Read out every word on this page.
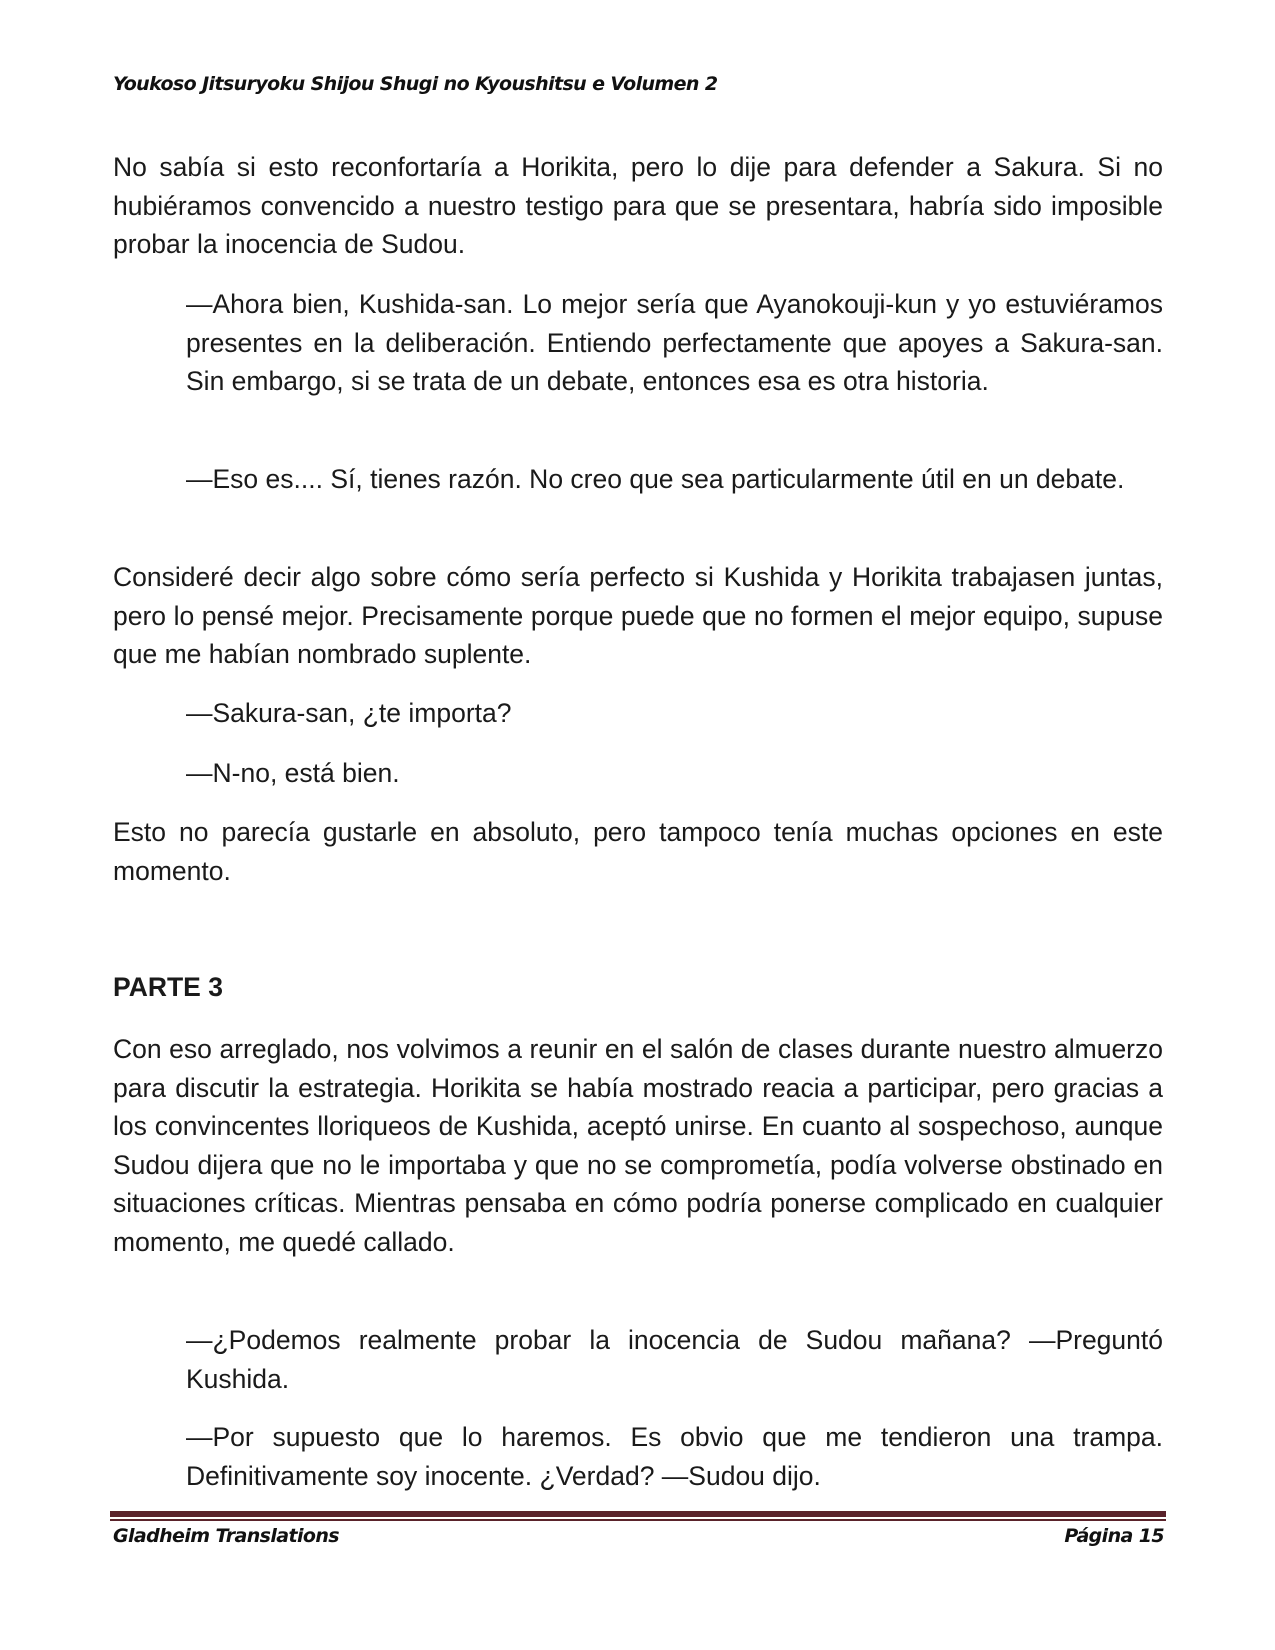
Youkoso Jitsuryoku Shijou Shugi no Kyoushitsu e Volumen 2

No sabía si esto reconfortaría a Horikita, pero lo dije para defender a Sakura. Si no hubiéramos convencido a nuestro testigo para que se presentara, habría sido imposible probar la inocencia de Sudou.

—Ahora bien, Kushida-san. Lo mejor sería que Ayanokouji-kun y yo estuviéramos presentes en la deliberación. Entiendo perfectamente que apoyes a Sakura-san. Sin embargo, si se trata de un debate, entonces esa es otra historia.

—Eso es.... Sí, tienes razón. No creo que sea particularmente útil en un debate.

Consideré decir algo sobre cómo sería perfecto si Kushida y Horikita trabajasen juntas, pero lo pensé mejor. Precisamente porque puede que no formen el mejor equipo, supuse que me habían nombrado suplente.

—Sakura-san, ¿te importa?

—N-no, está bien.

Esto no parecía gustarle en absoluto, pero tampoco tenía muchas opciones en este momento.

PARTE 3

Con eso arreglado, nos volvimos a reunir en el salón de clases durante nuestro almuerzo para discutir la estrategia. Horikita se había mostrado reacia a participar, pero gracias a los convincentes lloriqueos de Kushida, aceptó unirse. En cuanto al sospechoso, aunque Sudou dijera que no le importaba y que no se comprometía, podía volverse obstinado en situaciones críticas. Mientras pensaba en cómo podría ponerse complicado en cualquier momento, me quedé callado.

—¿Podemos realmente probar la inocencia de Sudou mañana? —Preguntó Kushida.

—Por supuesto que lo haremos. Es obvio que me tendieron una trampa. Definitivamente soy inocente. ¿Verdad? —Sudou dijo.

Gladheim Translations	Página 15
